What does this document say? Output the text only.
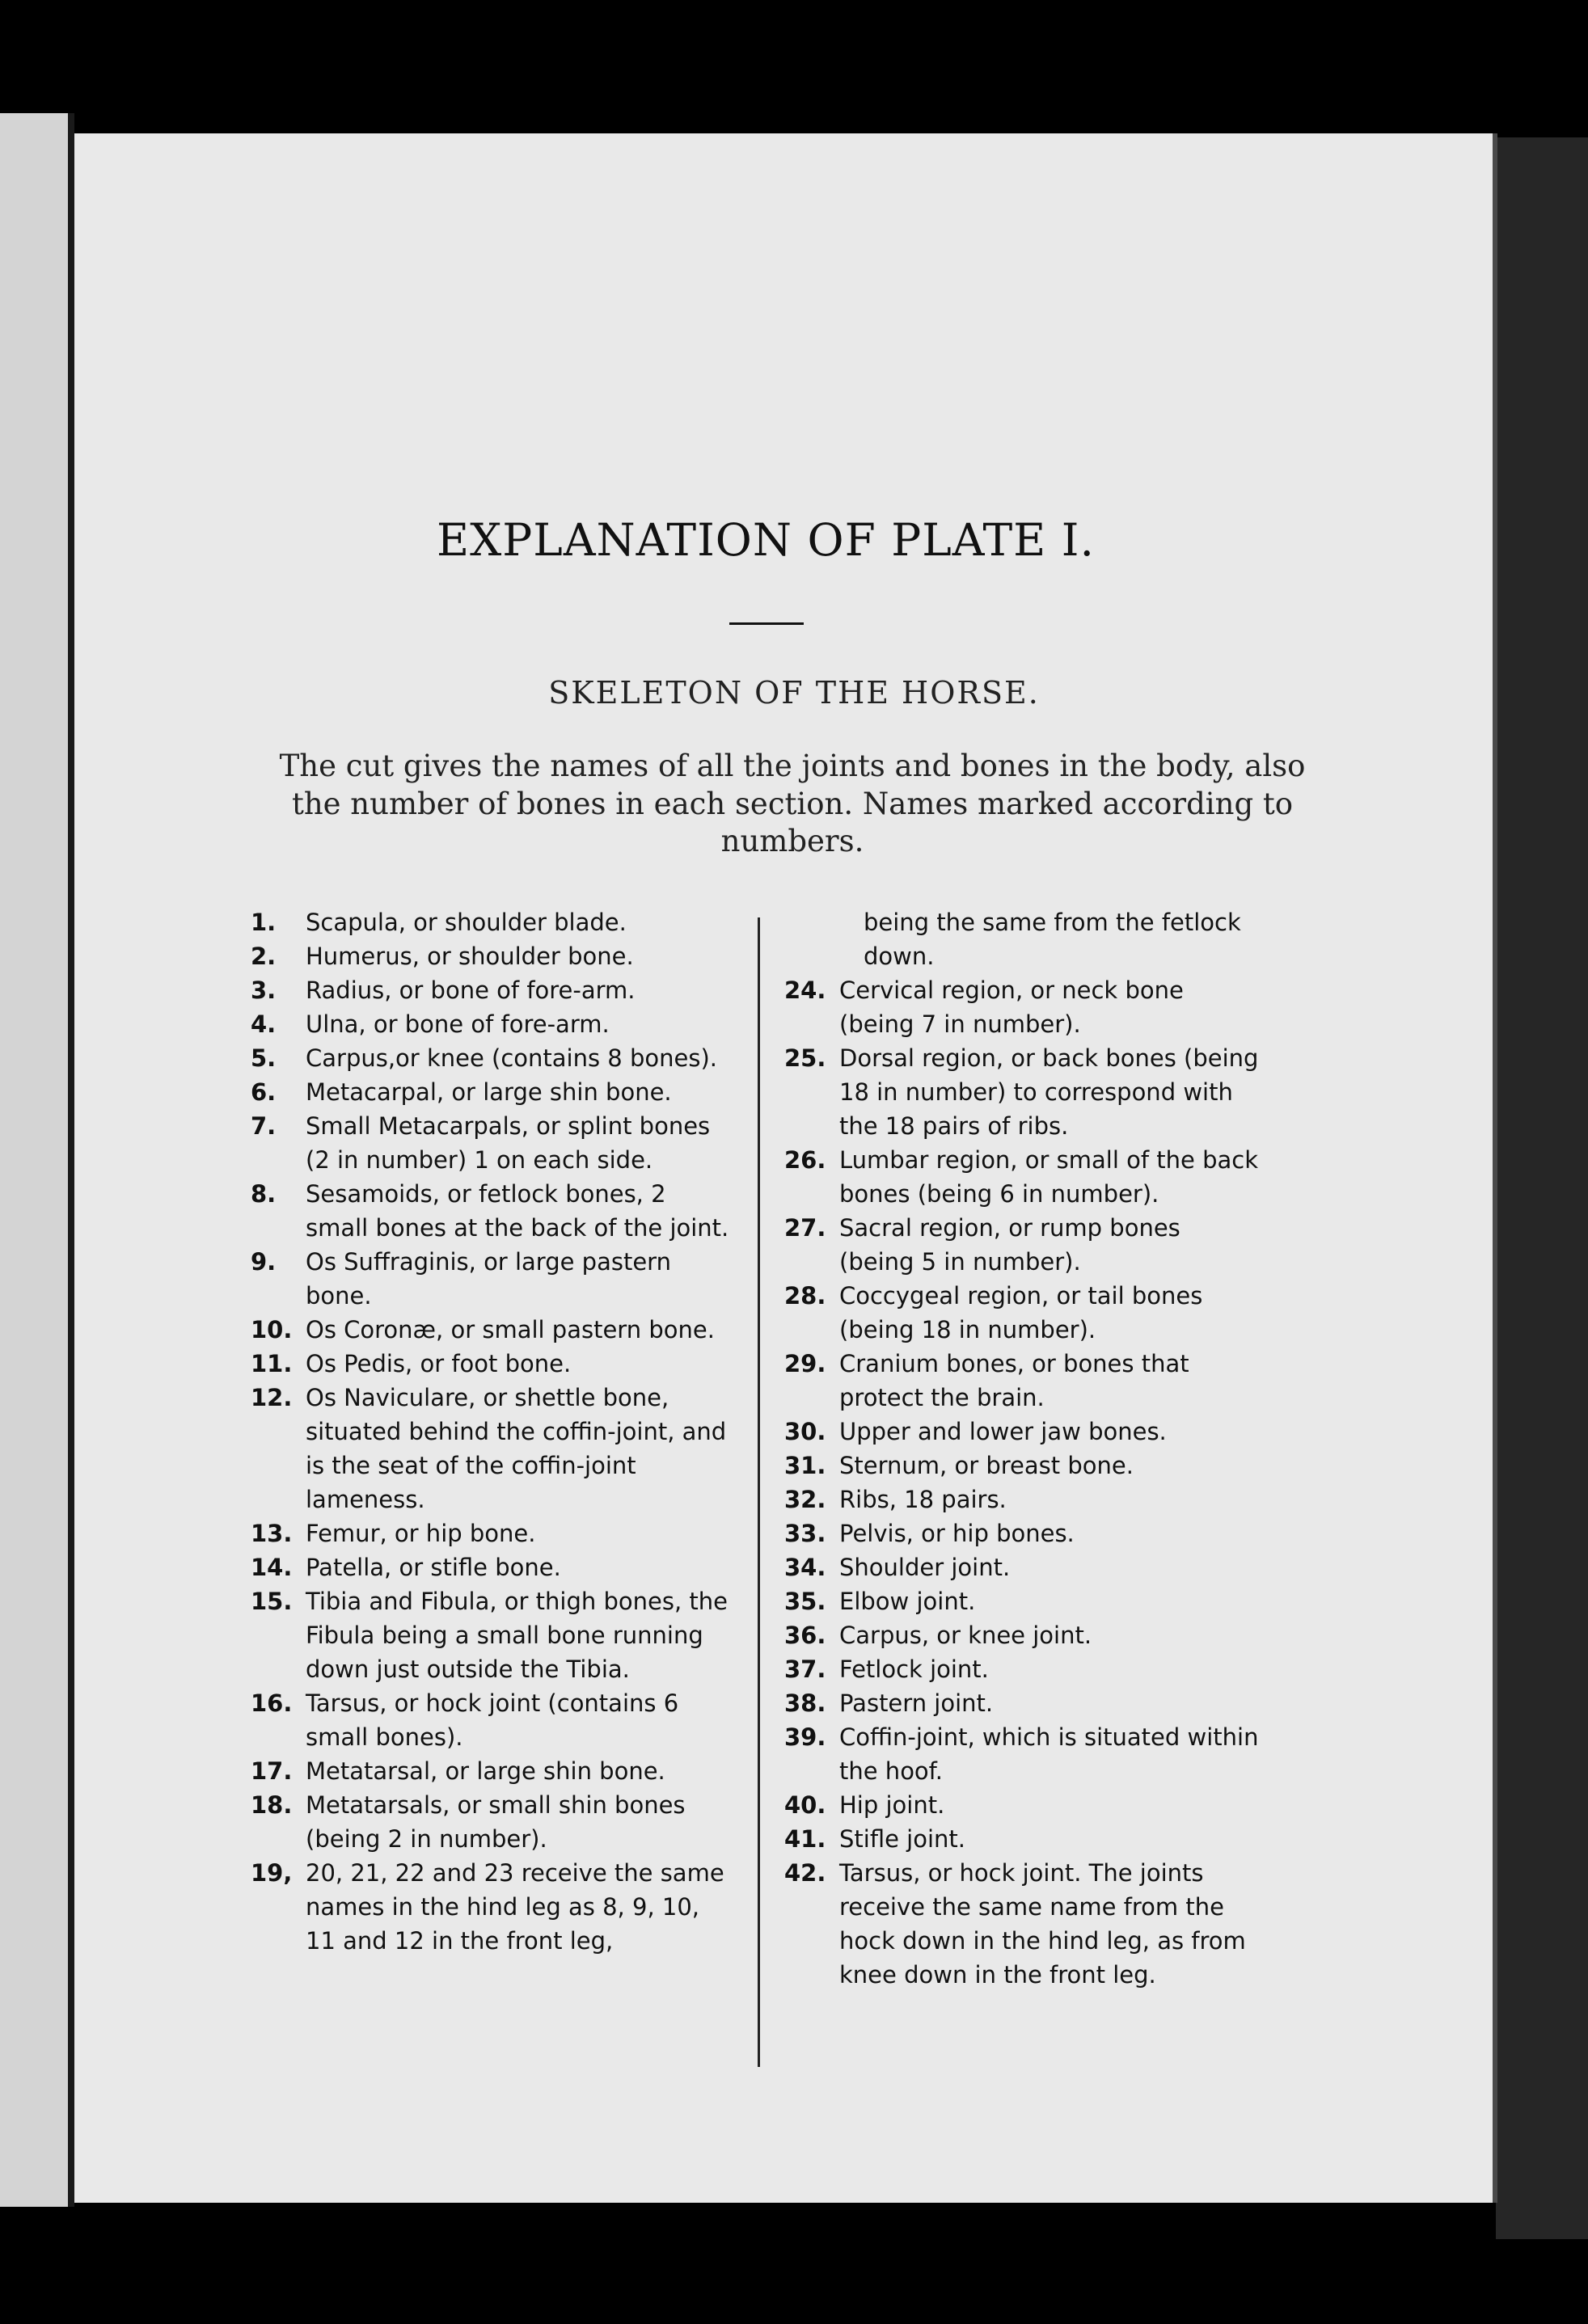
EXPLANATION OF PLATE I.
SKELETON OF THE HORSE.
The cut gives the names of all the joints and bones in the body, also the number of bones in each section. Names marked according to numbers.
1. Scapula, or shoulder blade.
2. Humerus, or shoulder bone.
3. Radius, or bone of fore-arm.
4. Ulna, or bone of fore-arm.
5. Carpus,or knee (contains 8 bones).
6. Metacarpal, or large shin bone.
7. Small Metacarpals, or splint bones (2 in number) 1 on each side.
8. Sesamoids, or fetlock bones, 2 small bones at the back of the joint.
9. Os Suffraginis, or large pastern bone.
10. Os Coronæ, or small pastern bone.
11. Os Pedis, or foot bone.
12. Os Naviculare, or shettle bone, situated behind the coffin-joint, and is the seat of the coffin-joint lameness.
13. Femur, or hip bone.
14. Patella, or stifle bone.
15. Tibia and Fibula, or thigh bones, the Fibula being a small bone running down just outside the Tibia.
16. Tarsus, or hock joint (contains 6 small bones).
17. Metatarsal, or large shin bone.
18. Metatarsals, or small shin bones (being 2 in number).
19, 20, 21, 22 and 23 receive the same names in the hind leg as 8, 9, 10, 11 and 12 in the front leg,
being the same from the fetlock down.
24. Cervical region, or neck bone (being 7 in number).
25. Dorsal region, or back bones (being 18 in number) to correspond with the 18 pairs of ribs.
26. Lumbar region, or small of the back bones (being 6 in number).
27. Sacral region, or rump bones (being 5 in number).
28. Coccygeal region, or tail bones (being 18 in number).
29. Cranium bones, or bones that protect the brain.
30. Upper and lower jaw bones.
31. Sternum, or breast bone.
32. Ribs, 18 pairs.
33. Pelvis, or hip bones.
34. Shoulder joint.
35. Elbow joint.
36. Carpus, or knee joint.
37. Fetlock joint.
38. Pastern joint.
39. Coffin-joint, which is situated within the hoof.
40. Hip joint.
41. Stifle joint.
42. Tarsus, or hock joint. The joints receive the same name from the hock down in the hind leg, as from knee down in the front leg.
